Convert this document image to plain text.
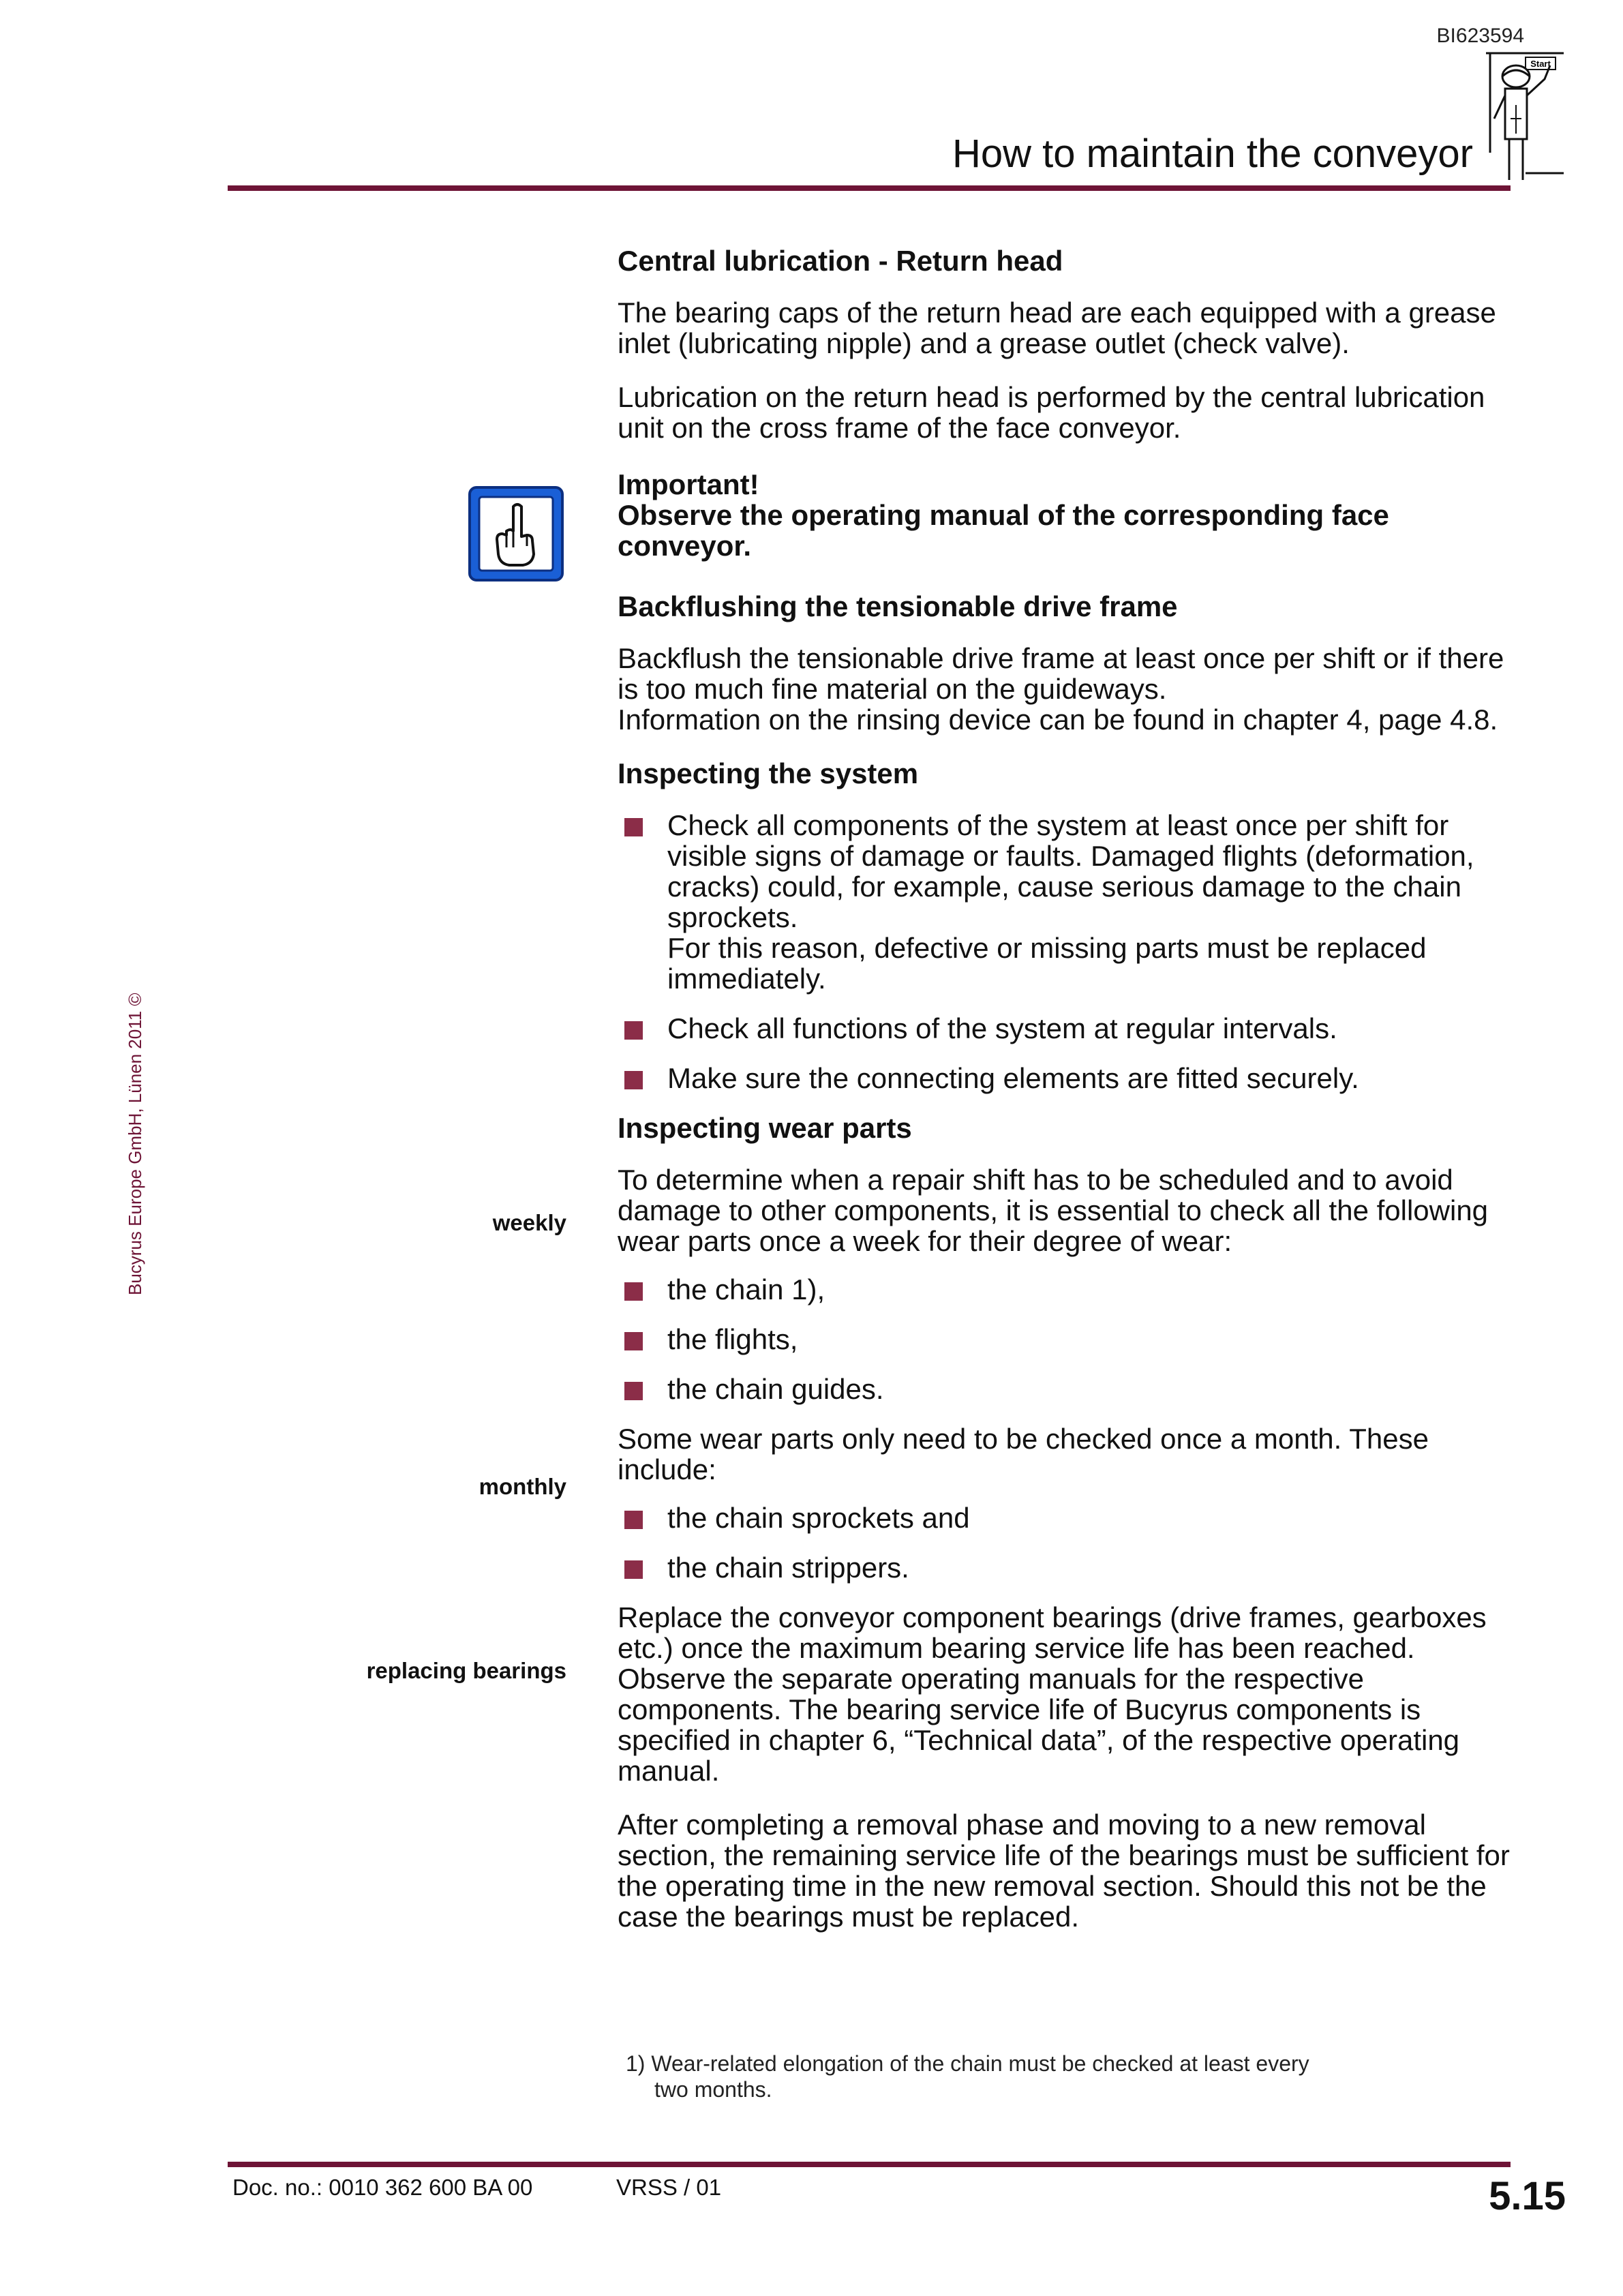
BI623594
How to maintain the conveyor
Start
Bucyrus Europe GmbH, Lünen 2011 ©
Central lubrication - Return head
The bearing caps of the return head are each equipped with a grease inlet (lubricating nipple) and a grease outlet (check valve).
Lubrication on the return head is performed by the central lubrication unit on the cross frame of the face conveyor.
Important!
Observe the operating manual of the corresponding face conveyor.
Backflushing the tensionable drive frame
Backflush the tensionable drive frame at least once per shift or if there is too much fine material on the guideways.
Information on the rinsing device can be found in chapter 4, page 4.8.
Inspecting the system
Check all components of the system at least once per shift for visible signs of damage or faults. Damaged flights (deformation, cracks) could, for example, cause serious damage to the chain sprockets.
For this reason, defective or missing parts must be replaced immediately.
Check all functions of the system at regular intervals.
Make sure the connecting elements are fitted securely.
Inspecting wear parts
To determine when a repair shift has to be scheduled and to avoid damage to other components, it is essential to check all the following wear parts once a week for their degree of wear:
the chain 1),
the flights,
the chain guides.
Some wear parts only need to be checked once a month. These include:
the chain sprockets and
the chain strippers.
Replace the conveyor component bearings (drive frames, gearboxes etc.) once the maximum bearing service life has been reached. Observe the separate operating manuals for the respective components. The bearing service life of Bucyrus components is specified in chapter 6, “Technical data”, of the respective operating manual.
After completing a removal phase and moving to a new removal section, the remaining service life of the bearings must be sufficient for the operating time in the new removal section. Should this not be the case the bearings must be replaced.
weekly
monthly
replacing bearings
1) Wear-related elongation of the chain must be checked at least every
two months.
Doc. no.: 0010 362 600 BA 00	VRSS / 01	5.15
